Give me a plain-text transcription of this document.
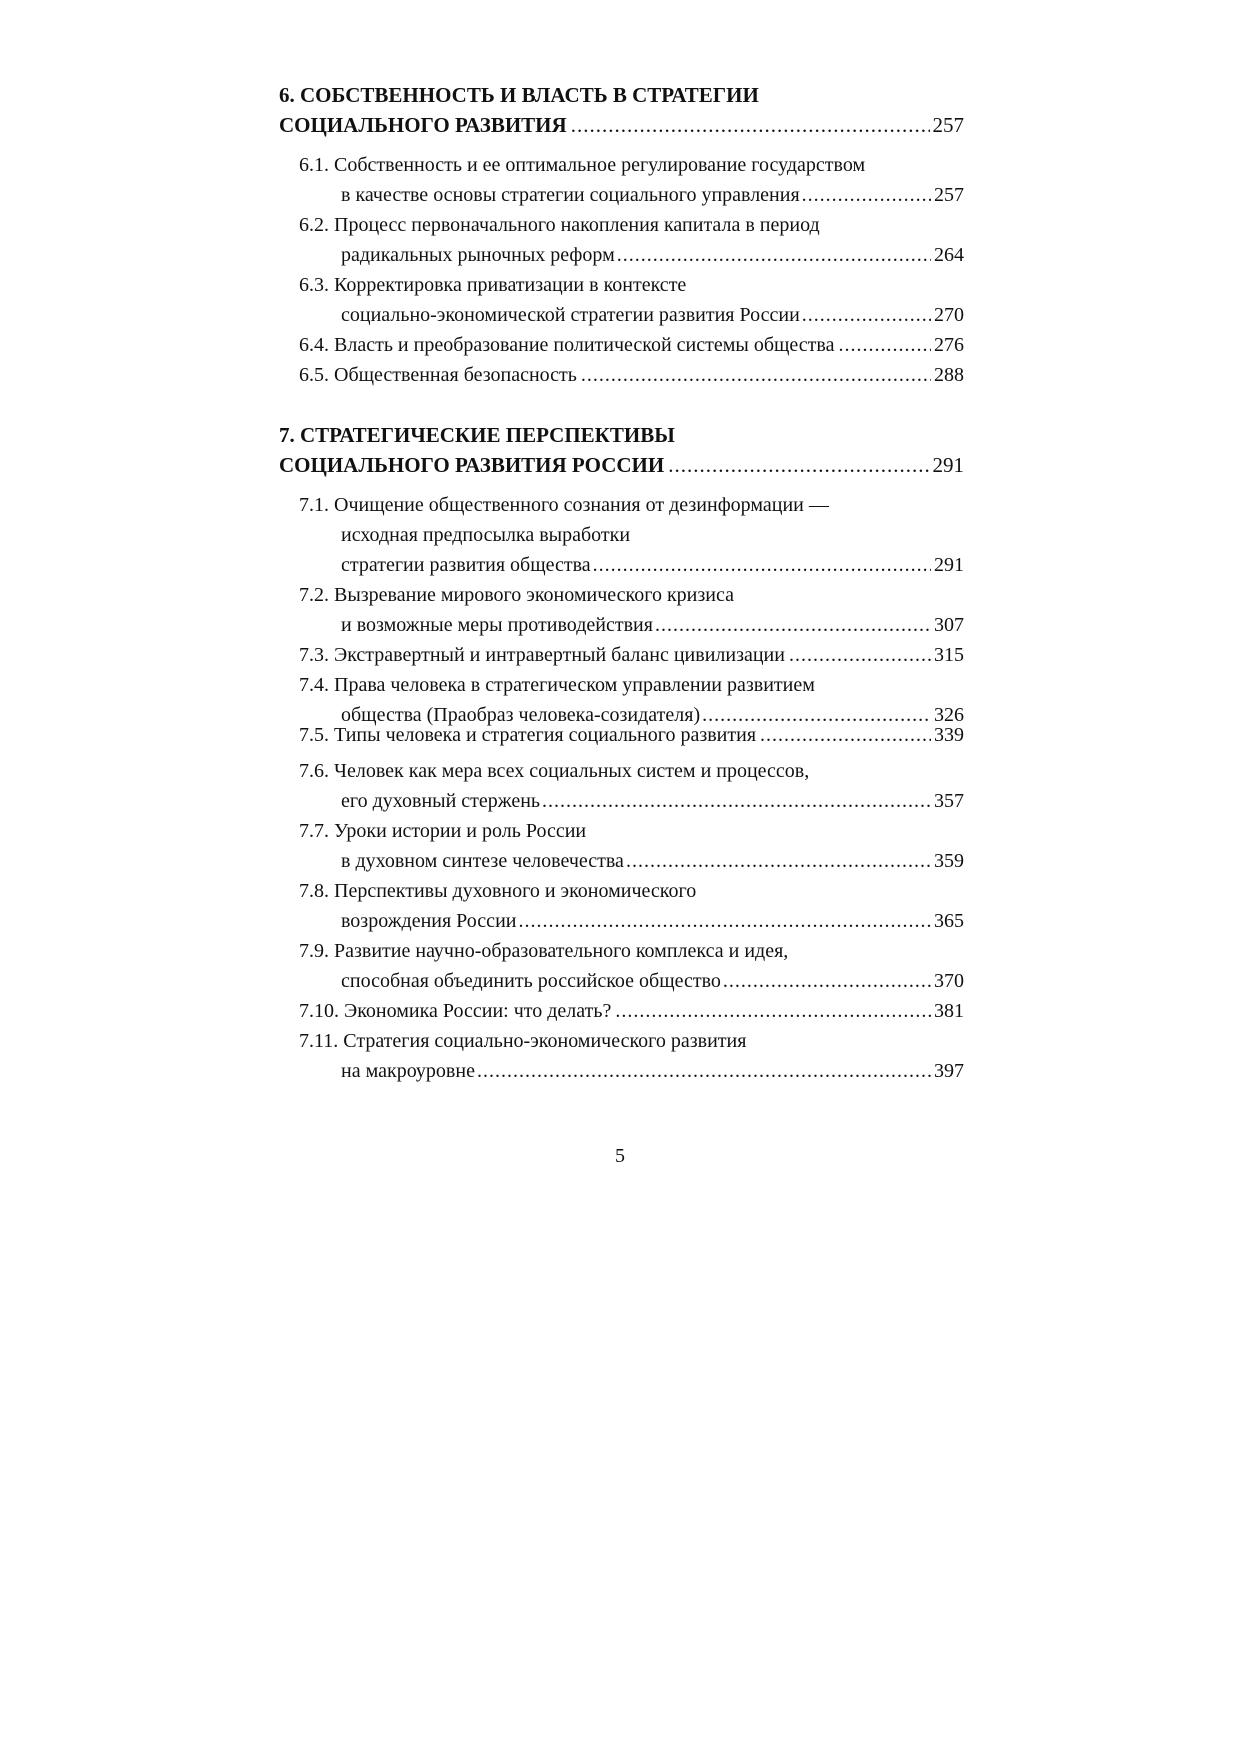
6. СОБСТВЕННОСТЬ И ВЛАСТЬ В СТРАТЕГИИ
СОЦИАЛЬНОГО РАЗВИТИЯ .....	257
6.1. Собственность и ее оптимальное регулирование государством
в качестве основы стратегии социального управления .....	257
6.2. Процесс первоначального накопления капитала в период
радикальных рыночных реформ .....	264
6.3. Корректировка приватизации в контексте
социально-экономической стратегии развития России .....	270
6.4. Власть и преобразование политической системы общества .....	276
6.5. Общественная безопасность .....	288
7. СТРАТЕГИЧЕСКИЕ ПЕРСПЕКТИВЫ
СОЦИАЛЬНОГО РАЗВИТИЯ РОССИИ .....	291
7.1. Очищение общественного сознания от дезинформации —
исходная предпосылка выработки
стратегии развития общества .....	291
7.2. Вызревание мирового экономического кризиса
и возможные меры противодействия .....	307
7.3. Экстравертный и интравертный баланс цивилизации .....	315
7.4. Права человека в стратегическом управлении развитием
общества (Праобраз человека-созидателя) .....	326
7.5. Типы человека и стратегия социального развития .....	339
7.6. Человек как мера всех социальных систем и процессов,
его духовный стержень .....	357
7.7. Уроки истории и роль России
в духовном синтезе человечества .....	359
7.8. Перспективы духовного и экономического
возрождения России .....	365
7.9. Развитие научно-образовательного комплекса и идея,
способная объединить российское общество .....	370
7.10. Экономика России: что делать? .....	381
7.11. Стратегия социально-экономического развития
на макроуровне .....	397
5
